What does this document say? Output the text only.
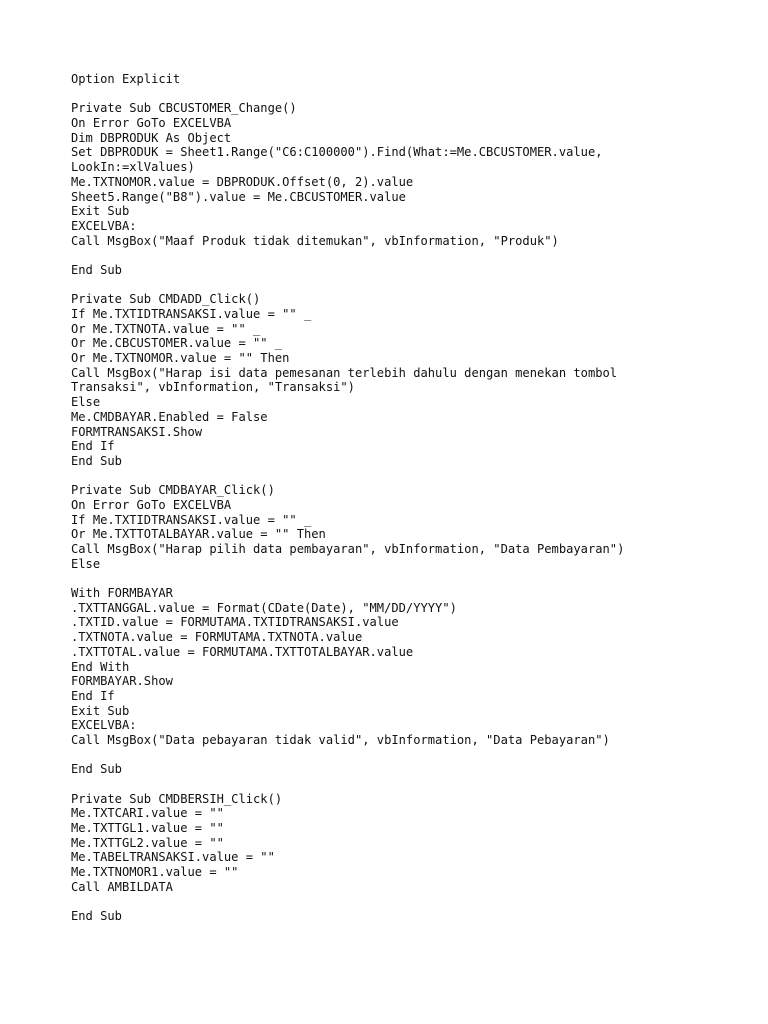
Option Explicit
Private Sub CBCUSTOMER_Change()
On Error GoTo EXCELVBA
Dim DBPRODUK As Object
Set DBPRODUK = Sheet1.Range("C6:C100000").Find(What:=Me.CBCUSTOMER.value,
LookIn:=xlValues)
Me.TXTNOMOR.value = DBPRODUK.Offset(0, 2).value
Sheet5.Range("B8").value = Me.CBCUSTOMER.value
Exit Sub
EXCELVBA:
Call MsgBox("Maaf Produk tidak ditemukan", vbInformation, "Produk")
End Sub
Private Sub CMDADD_Click()
If Me.TXTIDTRANSAKSI.value = "" _
Or Me.TXTNOTA.value = "" _
Or Me.CBCUSTOMER.value = "" _
Or Me.TXTNOMOR.value = "" Then
Call MsgBox("Harap isi data pemesanan terlebih dahulu dengan menekan tombol
Transaksi", vbInformation, "Transaksi")
Else
Me.CMDBAYAR.Enabled = False
FORMTRANSAKSI.Show
End If
End Sub
Private Sub CMDBAYAR_Click()
On Error GoTo EXCELVBA
If Me.TXTIDTRANSAKSI.value = "" _
Or Me.TXTTOTALBAYAR.value = "" Then
Call MsgBox("Harap pilih data pembayaran", vbInformation, "Data Pembayaran")
Else
With FORMBAYAR
.TXTTANGGAL.value = Format(CDate(Date), "MM/DD/YYYY")
.TXTID.value = FORMUTAMA.TXTIDTRANSAKSI.value
.TXTNOTA.value = FORMUTAMA.TXTNOTA.value
.TXTTOTAL.value = FORMUTAMA.TXTTOTALBAYAR.value
End With
FORMBAYAR.Show
End If
Exit Sub
EXCELVBA:
Call MsgBox("Data pebayaran tidak valid", vbInformation, "Data Pebayaran")
End Sub
Private Sub CMDBERSIH_Click()
Me.TXTCARI.value = ""
Me.TXTTGL1.value = ""
Me.TXTTGL2.value = ""
Me.TABELTRANSAKSI.value = ""
Me.TXTNOMOR1.value = ""
Call AMBILDATA
End Sub
